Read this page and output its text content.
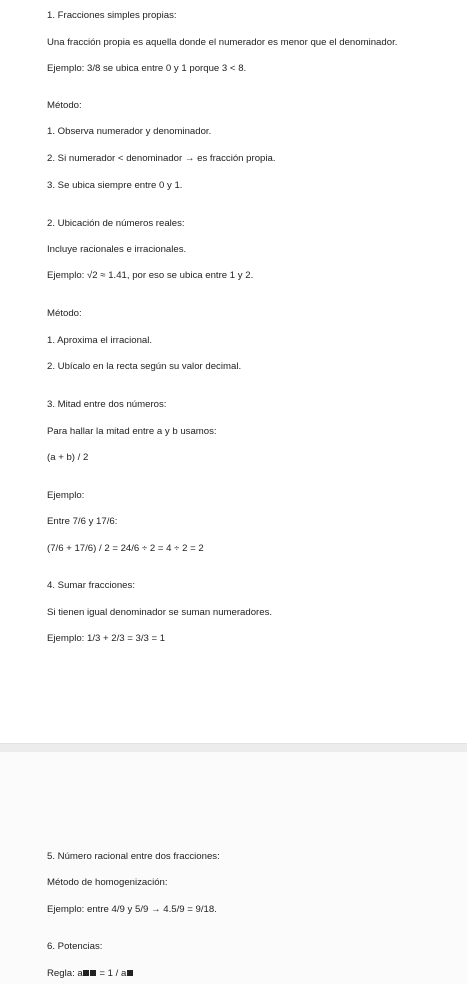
1. Fracciones simples propias:
Una fracción propia es aquella donde el numerador es menor que el denominador.
Ejemplo: 3/8 se ubica entre 0 y 1 porque 3 < 8.
Método:
1. Observa numerador y denominador.
2. Si numerador < denominador → es fracción propia.
3. Se ubica siempre entre 0 y 1.
2. Ubicación de números reales:
Incluye racionales e irracionales.
Ejemplo: √2 ≈ 1.41, por eso se ubica entre 1 y 2.
Método:
1. Aproxima el irracional.
2. Ubícalo en la recta según su valor decimal.
3. Mitad entre dos números:
Para hallar la mitad entre a y b usamos:
(a + b) / 2
Ejemplo:
Entre 7/6 y 17/6:
(7/6 + 17/6) / 2 = 24/6 ÷ 2 = 4 ÷ 2 = 2
4. Sumar fracciones:
Si tienen igual denominador se suman numeradores.
Ejemplo: 1/3 + 2/3 = 3/3 = 1
5. Número racional entre dos fracciones:
Método de homogenización:
Ejemplo: entre 4/9 y 5/9 → 4.5/9 = 9/18.
6. Potencias:
Regla: a = 1 / a
